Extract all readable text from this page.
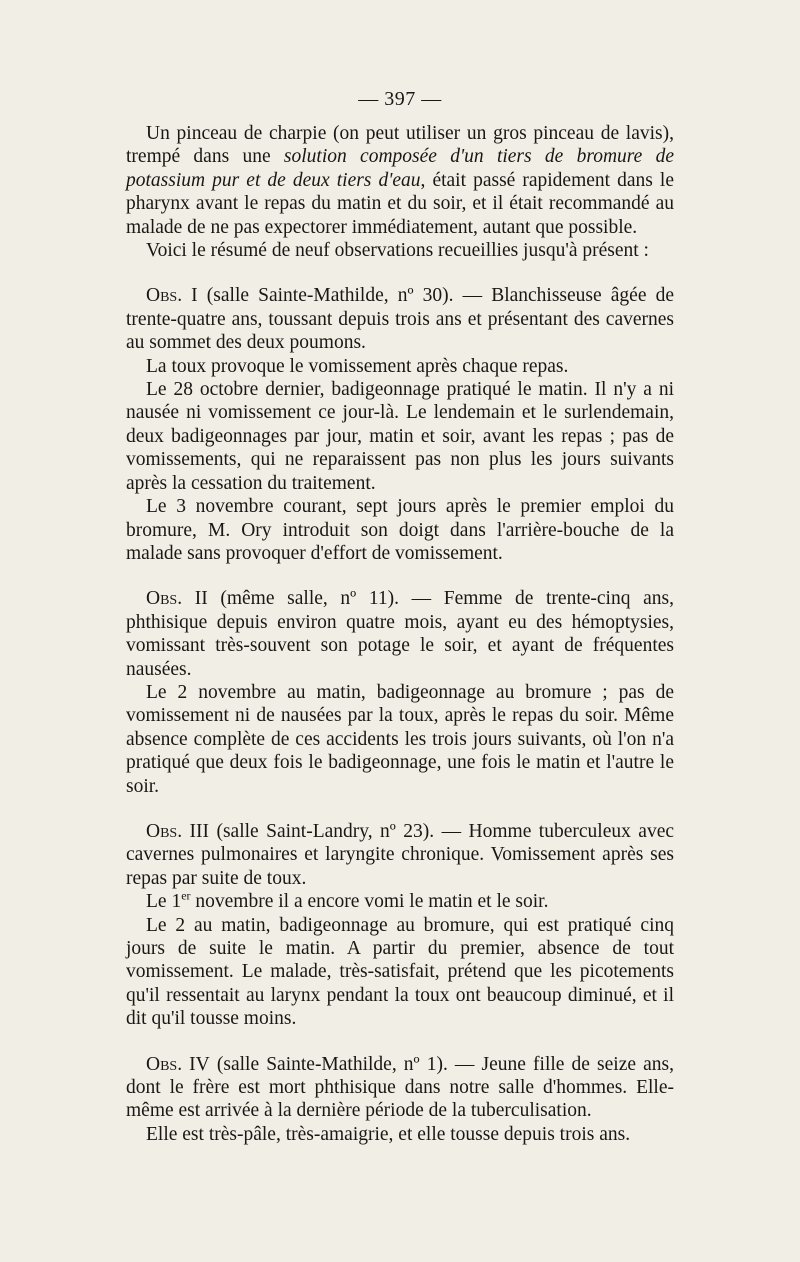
— 397 —

Un pinceau de charpie (on peut utiliser un gros pinceau de lavis), trempé dans une solution composée d'un tiers de bromure de potassium pur et de deux tiers d'eau, était passé rapidement dans le pharynx avant le repas du matin et du soir, et il était recommandé au malade de ne pas expectorer immédiatement, autant que possible.

Voici le résumé de neuf observations recueillies jusqu'à présent :

Obs. I (salle Sainte-Mathilde, nº 30). — Blanchisseuse âgée de trente-quatre ans, toussant depuis trois ans et présentant des cavernes au sommet des deux poumons.

La toux provoque le vomissement après chaque repas.

Le 28 octobre dernier, badigeonnage pratiqué le matin. Il n'y a ni nausée ni vomissement ce jour-là. Le lendemain et le surlendemain, deux badigeonnages par jour, matin et soir, avant les repas ; pas de vomissements, qui ne reparaissent pas non plus les jours suivants après la cessation du traitement.

Le 3 novembre courant, sept jours après le premier emploi du bromure, M. Ory introduit son doigt dans l'arrière-bouche de la malade sans provoquer d'effort de vomissement.

Obs. II (même salle, nº 11). — Femme de trente-cinq ans, phthisique depuis environ quatre mois, ayant eu des hémoptysies, vomissant très-souvent son potage le soir, et ayant de fréquentes nausées.

Le 2 novembre au matin, badigeonnage au bromure ; pas de vomissement ni de nausées par la toux, après le repas du soir. Même absence complète de ces accidents les trois jours suivants, où l'on n'a pratiqué que deux fois le badigeonnage, une fois le matin et l'autre le soir.

Obs. III (salle Saint-Landry, nº 23). — Homme tuberculeux avec cavernes pulmonaires et laryngite chronique. Vomissement après ses repas par suite de toux.

Le 1er novembre il a encore vomi le matin et le soir.

Le 2 au matin, badigeonnage au bromure, qui est pratiqué cinq jours de suite le matin. A partir du premier, absence de tout vomissement. Le malade, très-satisfait, prétend que les picotements qu'il ressentait au larynx pendant la toux ont beaucoup diminué, et il dit qu'il tousse moins.

Obs. IV (salle Sainte-Mathilde, nº 1). — Jeune fille de seize ans, dont le frère est mort phthisique dans notre salle d'hommes. Elle-même est arrivée à la dernière période de la tuberculisation.

Elle est très-pâle, très-amaigrie, et elle tousse depuis trois ans.
